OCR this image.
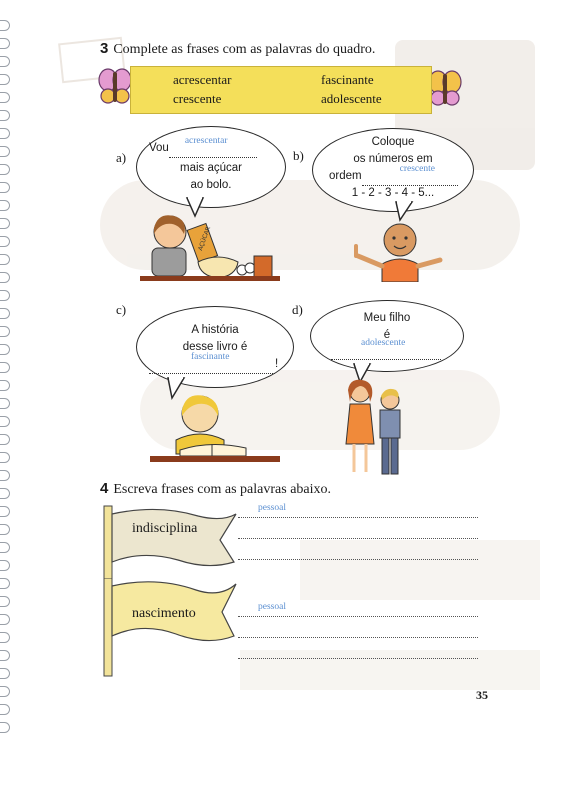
3 Complete as frases com as palavras do quadro.
acrescentar	fascinante
crescente	adolescente
a)
Vou
acrescentar

mais açúcar
ao bolo.
AÇÚCAR
b)
Coloque
os números em
ordem
crescente

1 - 2 - 3 - 4 - 5...
c)
A história
desse livro é
fascinante
!
d)
Meu filho
é
adolescente

4 Escreva frases com as palavras abaixo.
indisciplina
pessoal
nascimento	pessoal
35
